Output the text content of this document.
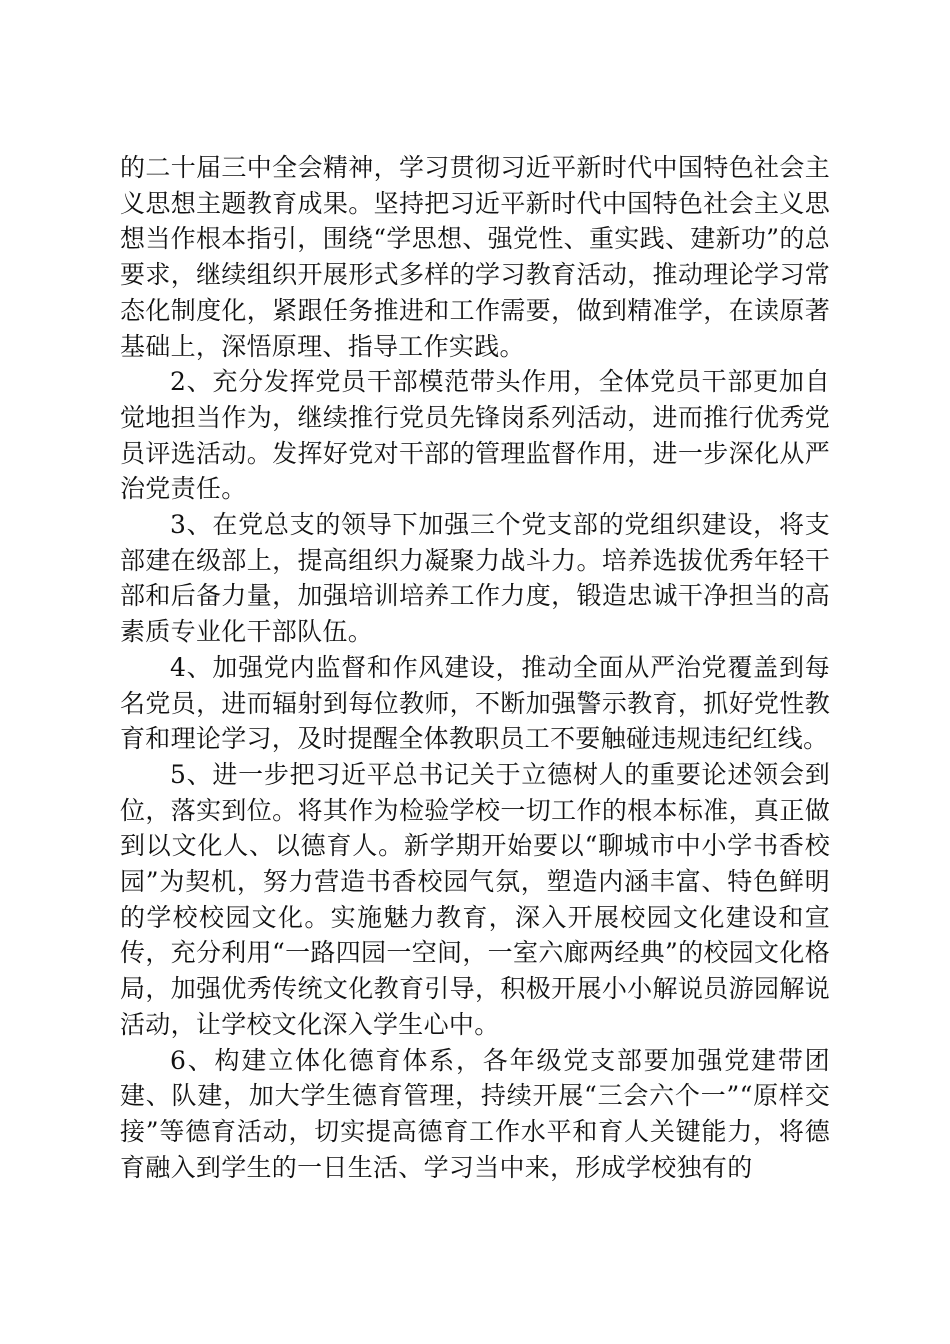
的二十届三中全会精神，学习贯彻习近平新时代中国特色社会主义思想主题教育成果。坚持把习近平新时代中国特色社会主义思想当作根本指引，围绕“学思想、强党性、重实践、建新功”的总要求，继续组织开展形式多样的学习教育活动，推动理论学习常态化制度化，紧跟任务推进和工作需要，做到精准学，在读原著基础上，深悟原理、指导工作实践。

2、充分发挥党员干部模范带头作用，全体党员干部更加自觉地担当作为，继续推行党员先锋岗系列活动，进而推行优秀党员评选活动。发挥好党对干部的管理监督作用，进一步深化从严治党责任。

3、在党总支的领导下加强三个党支部的党组织建设，将支部建在级部上，提高组织力凝聚力战斗力。培养选拔优秀年轻干部和后备力量，加强培训培养工作力度，锻造忠诚干净担当的高素质专业化干部队伍。

4、加强党内监督和作风建设，推动全面从严治党覆盖到每名党员，进而辐射到每位教师，不断加强警示教育，抓好党性教育和理论学习，及时提醒全体教职员工不要触碰违规违纪红线。

5、进一步把习近平总书记关于立德树人的重要论述领会到位，落实到位。将其作为检验学校一切工作的根本标准，真正做到以文化人、以德育人。新学期开始要以“聊城市中小学书香校园”为契机，努力营造书香校园气氛，塑造内涵丰富、特色鲜明的学校校园文化。实施魅力教育，深入开展校园文化建设和宣传，充分利用“一路四园一空间，一室六廊两经典”的校园文化格局，加强优秀传统文化教育引导，积极开展小小解说员游园解说活动，让学校文化深入学生心中。

6、构建立体化德育体系，各年级党支部要加强党建带团建、队建，加大学生德育管理，持续开展“三会六个一”“原样交接”等德育活动，切实提高德育工作水平和育人关键能力，将德育融入到学生的一日生活、学习当中来，形成学校独有的
